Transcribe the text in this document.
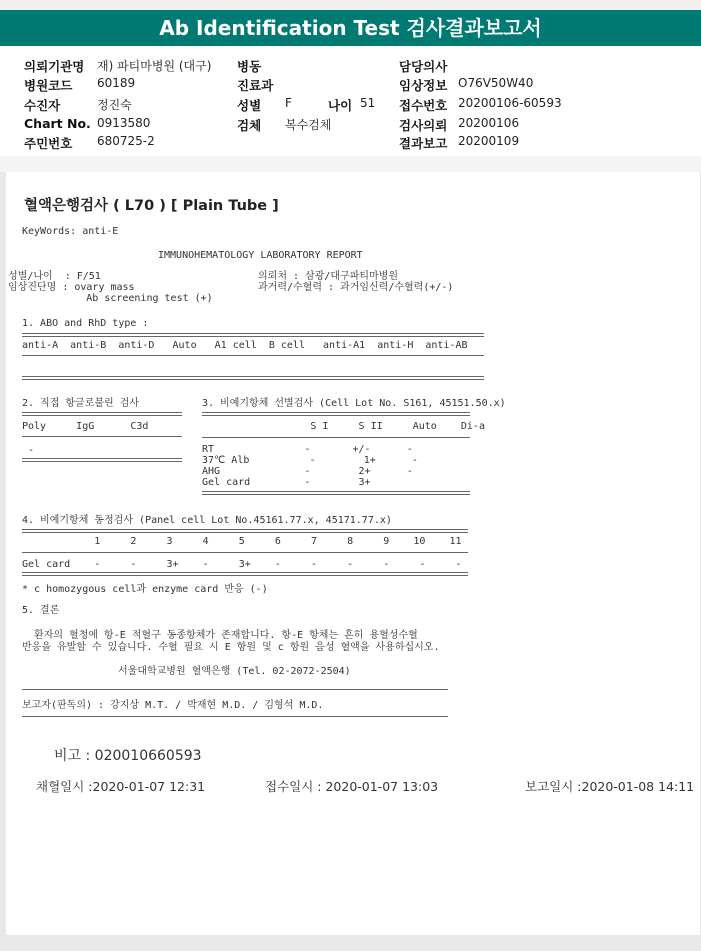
Ab Identification Test 검사결과보고서
의뢰기관명 재) 파티마병원 (대구) 병동	담당의사
병원코드 60189	진료과	임상정보 O76V50W40
수진자	정진숙	성별 F	나이 51 접수번호 20200106-60593
Chart No. 0913580	검체 복수검체	검사의뢰 20200106
주민번호 680725-2	결과보고 20200109
혈액은행검사 ( L70 ) [ Plain Tube ]
KeyWords: anti-E
IMMUNOHEMATOLOGY LABORATORY REPORT
성별/나이  : F/51
임상진단명 : ovary mass
Ab screening test (+)
의뢰처 : 삼광/대구파티마병원
과거력/수혈력 : 과거임신력/수혈력(+/-)
1. ABO and RhD type :
anti-A  anti-B  anti-D   Auto   A1 cell  B cell   anti-A1  anti-H  anti-AB
2. 직접 항글로불린 검사
Poly     IgG      C3d
-
3. 비예기항체 선별검사 (Cell Lot No. S161, 45151.50.x)
S I     S II     Auto    Di-a
RT               -       +/-      -
37℃ Alb          -        1+      -
AHG              -        2+      -
Gel card         -        3+
4. 비예기항체 동정검사 (Panel cell Lot No.45161.77.x, 45171.77.x)
1     2     3     4     5     6     7     8     9    10    11
Gel card    -     -     3+    -     3+    -     -     -     -     -     -
* c homozygous cell과 enzyme card 반응 (-)
5. 결론
환자의 혈청에 항-E 적혈구 동종항체가 존재합니다. 항-E 항체는 흔히 용혈성수혈
반응을 유발할 수 있습니다. 수혈 필요 시 E 항원 및 c 항원 음성 혈액을 사용하십시오.
서울대학교병원 혈액은행 (Tel. 02-2072-2504)
보고자(판독의) : 강지상 M.T. / 박재현 M.D. / 김형석 M.D.
비고 : 020010660593
채혈일시 :2020-01-07 12:31	접수일시 : 2020-01-07 13:03	보고일시 :2020-01-08 14:11
